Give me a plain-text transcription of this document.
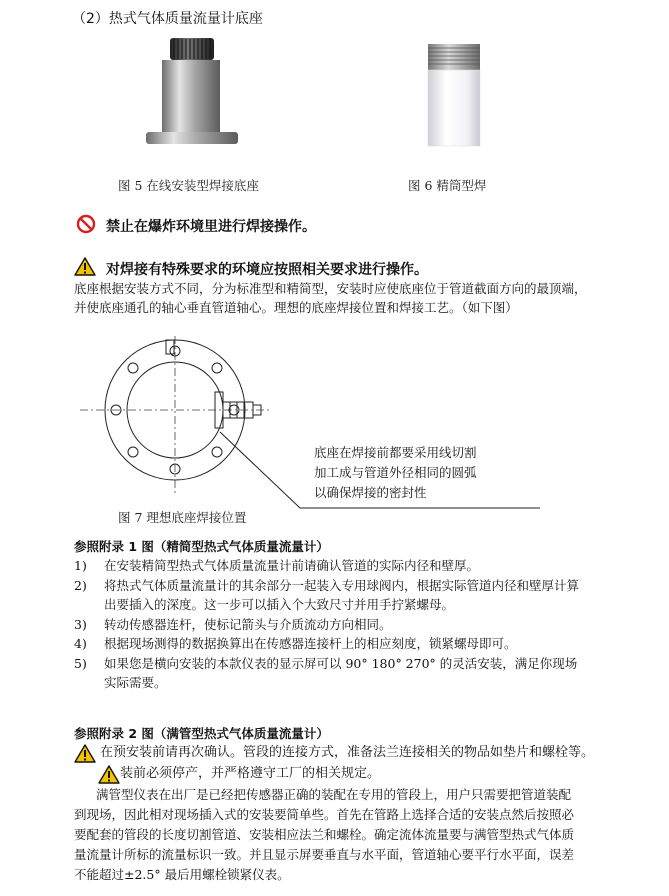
（2）热式气体质量流量计底座
图 5 在线安装型焊接底座	图 6 精筒型焊
禁止在爆炸环境里进行焊接操作。
对焊接有特殊要求的环境应按照相关要求进行操作。
底座根据安装方式不同，分为标准型和精简型，安装时应使底座位于管道截面方向的最顶端，
并使底座通孔的轴心垂直管道轴心。理想的底座焊接位置和焊接工艺。（如下图）
底座在焊接前都要采用线切割
加工成与管道外径相同的圆弧
以确保焊接的密封性
图 7 理想底座焊接位置
参照附录 1 图（精简型热式气体质量流量计）
1)	在安装精简型热式气体质量流量计前请确认管道的实际内径和壁厚。
2)	将热式气体质量流量计的其余部分一起装入专用球阀内，根据实际管道内径和壁厚计算
出要插入的深度。这一步可以插入个大致尺寸并用手拧紧螺母。
3)	转动传感器连杆，使标记箭头与介质流动方向相同。
4)	根据现场测得的数据换算出在传感器连接杆上的相应刻度，锁紧螺母即可。
5)	如果您是横向安装的本款仪表的显示屏可以 90° 180° 270° 的灵活安装，满足你现场
实际需要。
参照附录 2 图（满管型热式气体质量流量计）
在预安装前请再次确认。管段的连接方式，准备法兰连接相关的物品如垫片和螺栓等。
装前必须停产，并严格遵守工厂的相关规定。
满管型仪表在出厂是已经把传感器正确的装配在专用的管段上，用户只需要把管道装配
到现场，因此相对现场插入式的安装要简单些。首先在管路上选择合适的安装点然后按照必
要配套的管段的长度切割管道、安装相应法兰和螺栓。确定流体流量要与满管型热式气体质
量流量计所标的流量标识一致。并且显示屏要垂直与水平面，管道轴心要平行水平面，误差
不能超过±2.5° 最后用螺栓锁紧仪表。
